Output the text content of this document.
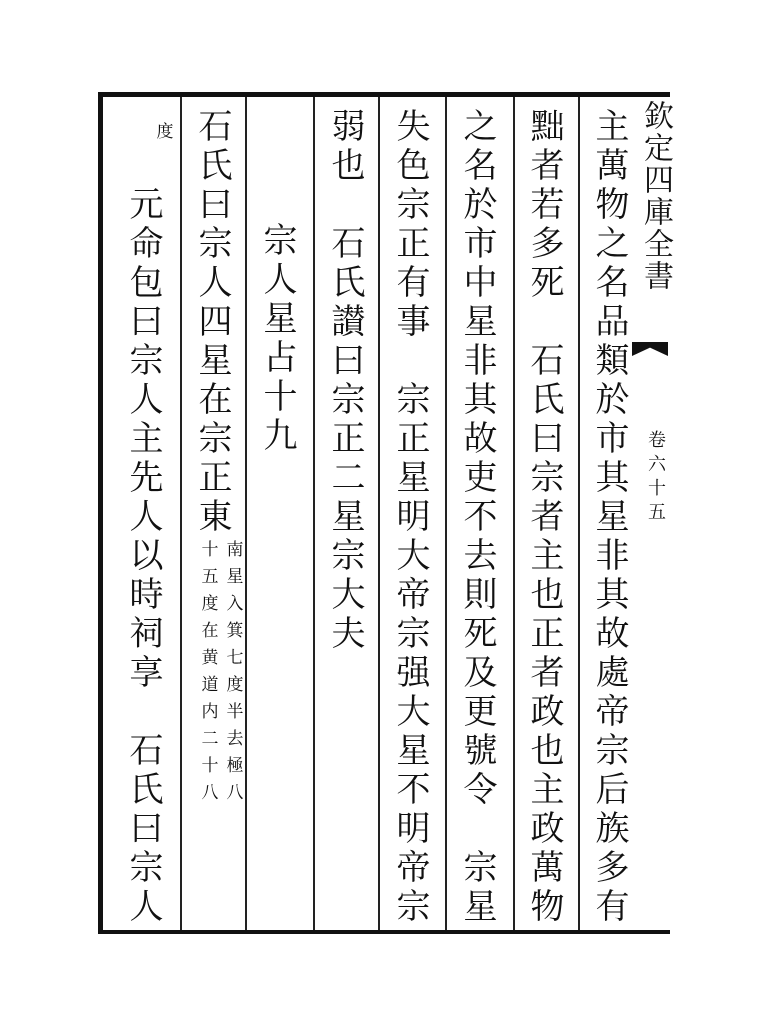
欽定四庫全書
卷六十五
主萬物之名品類於市其星非其故處帝宗后族多有
黜者若多死　石氏曰宗者主也正者政也主政萬物
之名於市中星非其故吏不去則死及更號令　宗星
失色宗正有事　宗正星明大帝宗强大星不明帝宗
弱也　石氏讃曰宗正二星宗大夫
宗人星占十九
石氏曰宗人四星在宗正東
南星入箕七度半去極八
十五度在黄道内二十八
度
元命包曰宗人主先人以時祠享　石氏曰宗人
